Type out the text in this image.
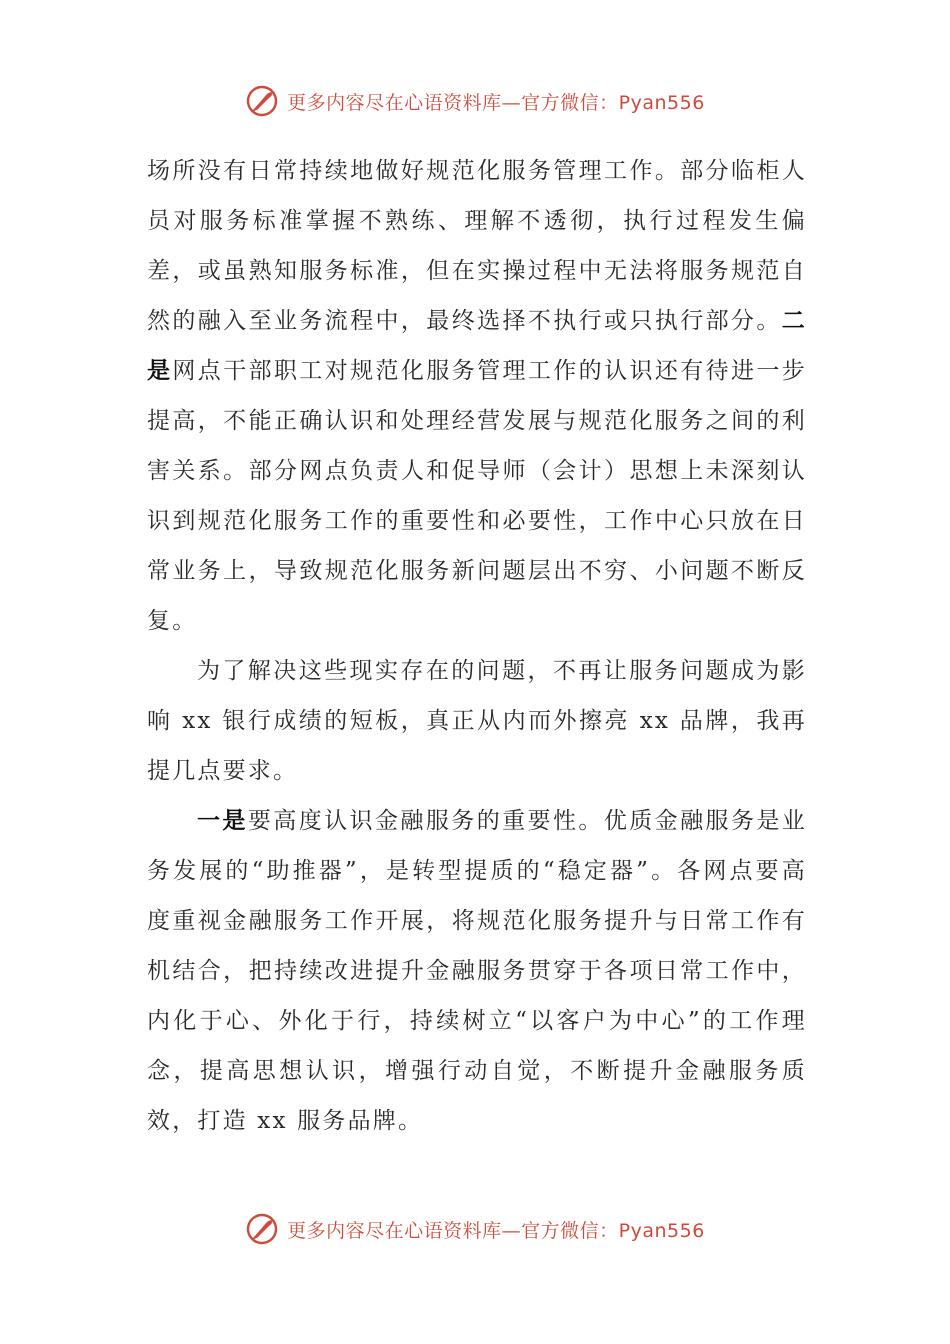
更多内容尽在心语资料库—官方微信：Pyan556

场所没有日常持续地做好规范化服务管理工作。部分临柜人员对服务标准掌握不熟练、理解不透彻，执行过程发生偏差，或虽熟知服务标准，但在实操过程中无法将服务规范自然的融入至业务流程中，最终选择不执行或只执行部分。二是网点干部职工对规范化服务管理工作的认识还有待进一步提高，不能正确认识和处理经营发展与规范化服务之间的利害关系。部分网点负责人和促导师（会计）思想上未深刻认识到规范化服务工作的重要性和必要性，工作中心只放在日常业务上，导致规范化服务新问题层出不穷、小问题不断反复。

为了解决这些现实存在的问题，不再让服务问题成为影响 xx 银行成绩的短板，真正从内而外擦亮 xx 品牌，我再提几点要求。

一是要高度认识金融服务的重要性。优质金融服务是业务发展的“助推器”，是转型提质的“稳定器”。各网点要高度重视金融服务工作开展，将规范化服务提升与日常工作有机结合，把持续改进提升金融服务贯穿于各项日常工作中，内化于心、外化于行，持续树立“以客户为中心”的工作理念，提高思想认识，增强行动自觉，不断提升金融服务质效，打造 xx 服务品牌。

更多内容尽在心语资料库—官方微信：Pyan556
